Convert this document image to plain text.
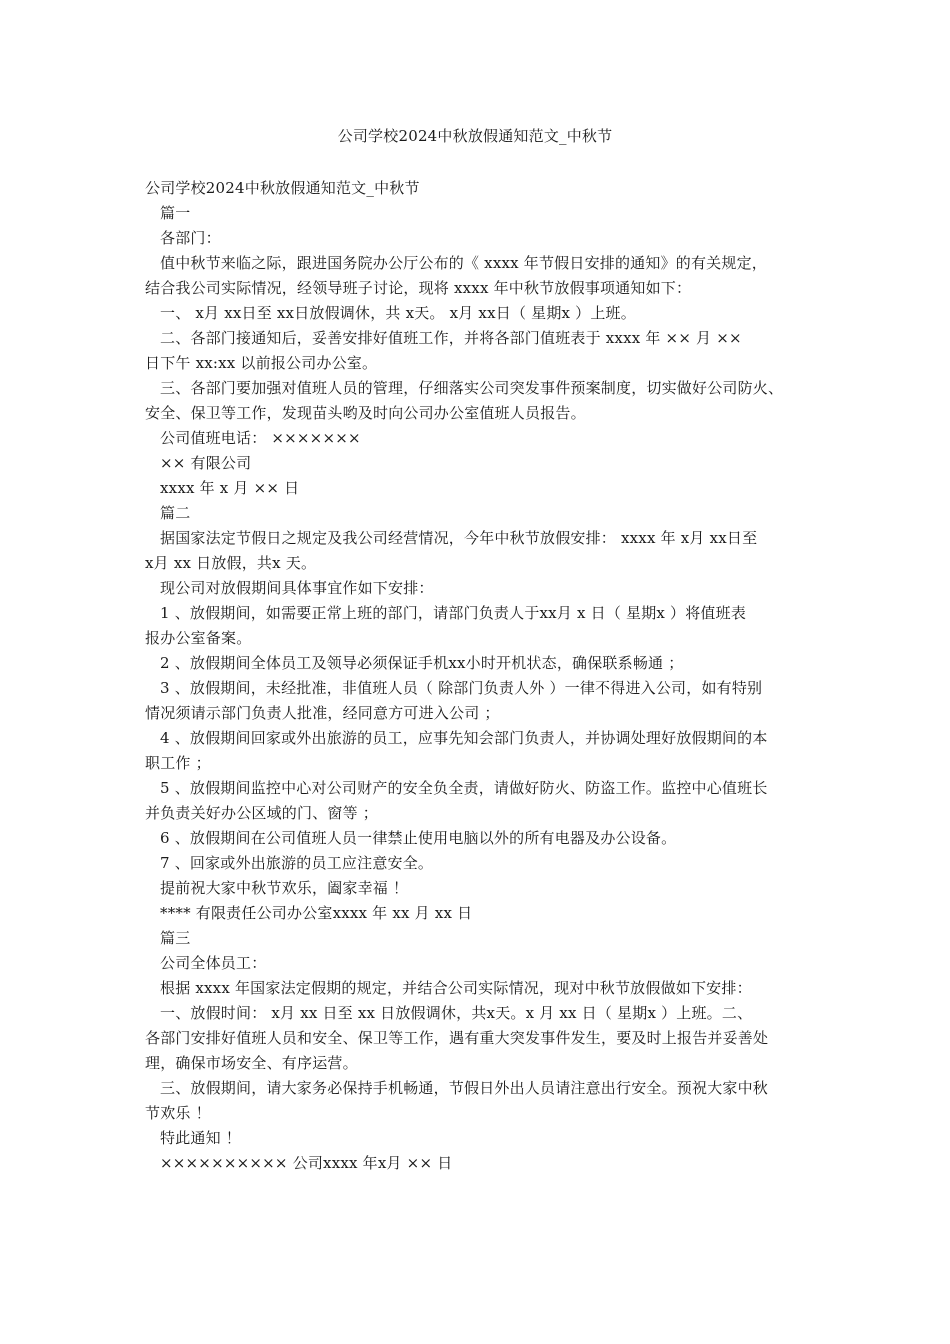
公司学校2024中秋放假通知范文_中秋节
公司学校2024中秋放假通知范文_中秋节
篇一
各部门：
值中秋节来临之际，跟进国务院办公厅公布的《 xxxx 年节假日安排的通知》的有关规定，
结合我公司实际情况，经领导班子讨论，现将 xxxx 年中秋节放假事项通知如下：
一、 x月 xx日至 xx日放假调休，共 x天。 x月 xx日（ 星期x ）上班。
二、各部门接通知后，妥善安排好值班工作，并将各部门值班表于 xxxx 年 ×× 月 ××
日下午 xx:xx 以前报公司办公室。
三、各部门要加强对值班人员的管理，仔细落实公司突发事件预案制度，切实做好公司防火、
安全、保卫等工作，发现苗头哟及时向公司办公室值班人员报告。
公司值班电话： ×××××××
×× 有限公司
xxxx 年 x 月 ×× 日
篇二
据国家法定节假日之规定及我公司经营情况，今年中秋节放假安排： xxxx 年 x月 xx日至
x月 xx 日放假，共x 天。
现公司对放假期间具体事宜作如下安排：
1 、放假期间，如需要正常上班的部门，请部门负责人于xx月 x 日（ 星期x ）将值班表
报办公室备案。
2 、放假期间全体员工及领导必须保证手机xx小时开机状态，确保联系畅通 ；
3 、放假期间，未经批准，非值班人员（ 除部门负责人外 ）一律不得进入公司，如有特别
情况须请示部门负责人批准，经同意方可进入公司 ；
4 、放假期间回家或外出旅游的员工，应事先知会部门负责人，并协调处理好放假期间的本
职工作 ；
5 、放假期间监控中心对公司财产的安全负全责，请做好防火、防盗工作。监控中心值班长
并负责关好办公区域的门、窗等 ；
6 、放假期间在公司值班人员一律禁止使用电脑以外的所有电器及办公设备。
7 、回家或外出旅游的员工应注意安全。
提前祝大家中秋节欢乐，阖家幸福 ！
**** 有限责任公司办公室xxxx 年 xx 月 xx 日
篇三
公司全体员工：
根据 xxxx 年国家法定假期的规定，并结合公司实际情况，现对中秋节放假做如下安排：
一、放假时间： x月 xx 日至 xx 日放假调休，共x天。x 月 xx 日（ 星期x ）上班。二、
各部门安排好值班人员和安全、保卫等工作，遇有重大突发事件发生，要及时上报告并妥善处
理，确保市场安全、有序运营。
三、放假期间，请大家务必保持手机畅通，节假日外出人员请注意出行安全。预祝大家中秋
节欢乐 ！
特此通知 ！
×××××××××× 公司xxxx 年x月 ×× 日
